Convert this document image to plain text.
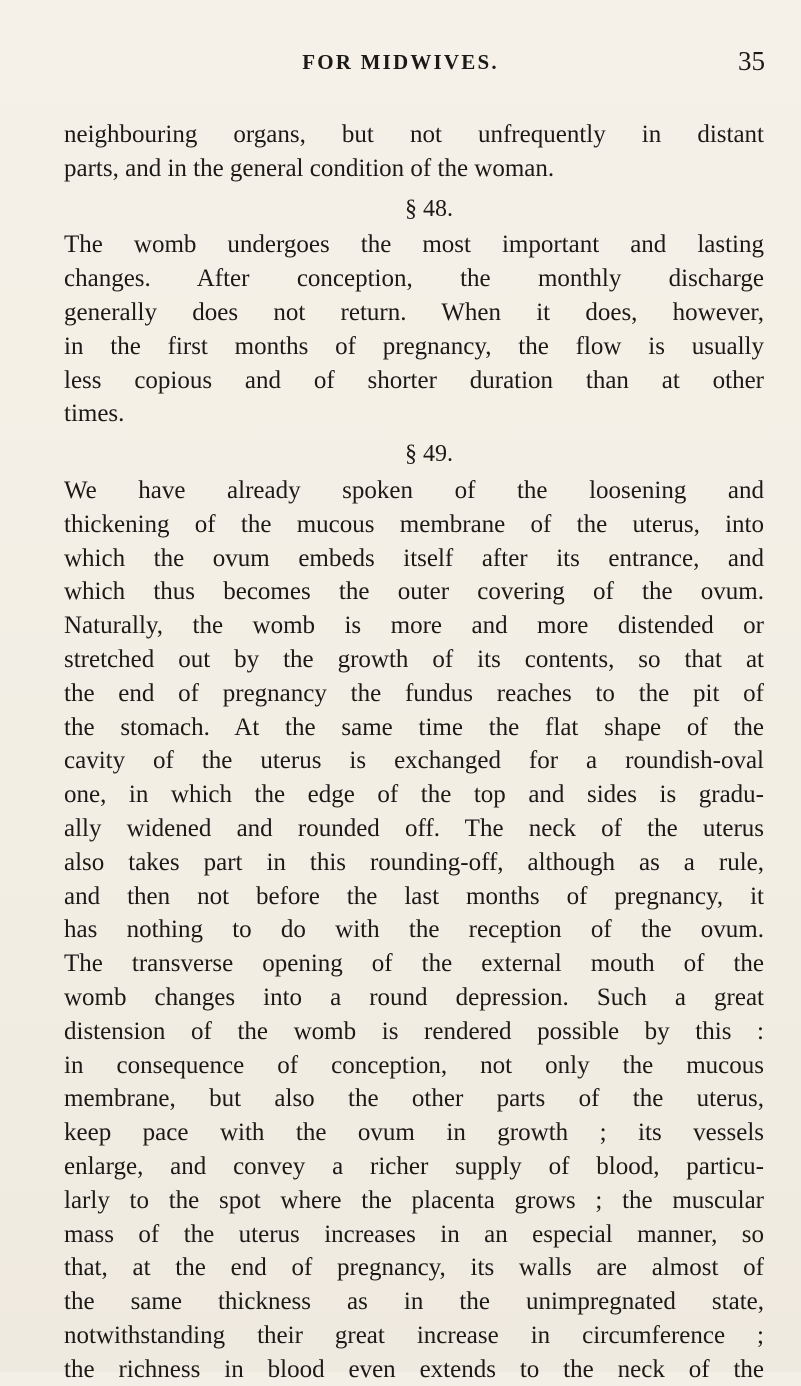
FOR MIDWIVES.	35
neighbouring organs, but not unfrequently in distant
parts, and in the general condition of the woman.
§ 48.
The womb undergoes the most important and lasting
changes. After conception, the monthly discharge
generally does not return. When it does, however,
in the first months of pregnancy, the flow is usually
less copious and of shorter duration than at other
times.
§ 49.
We have already spoken of the loosening and
thickening of the mucous membrane of the uterus, into
which the ovum embeds itself after its entrance, and
which thus becomes the outer covering of the ovum.
Naturally, the womb is more and more distended or
stretched out by the growth of its contents, so that at
the end of pregnancy the fundus reaches to the pit of
the stomach. At the same time the flat shape of the
cavity of the uterus is exchanged for a roundish-oval
one, in which the edge of the top and sides is gradu-
ally widened and rounded off. The neck of the uterus
also takes part in this rounding-off, although as a rule,
and then not before the last months of pregnancy, it
has nothing to do with the reception of the ovum.
The transverse opening of the external mouth of the
womb changes into a round depression. Such a great
distension of the womb is rendered possible by this :
in consequence of conception, not only the mucous
membrane, but also the other parts of the uterus,
keep pace with the ovum in growth ; its vessels
enlarge, and convey a richer supply of blood, particu-
larly to the spot where the placenta grows ; the muscular
mass of the uterus increases in an especial manner, so
that, at the end of pregnancy, its walls are almost of
the same thickness as in the unimpregnated state,
notwithstanding their great increase in circumference ;
the richness in blood even extends to the neck of the
